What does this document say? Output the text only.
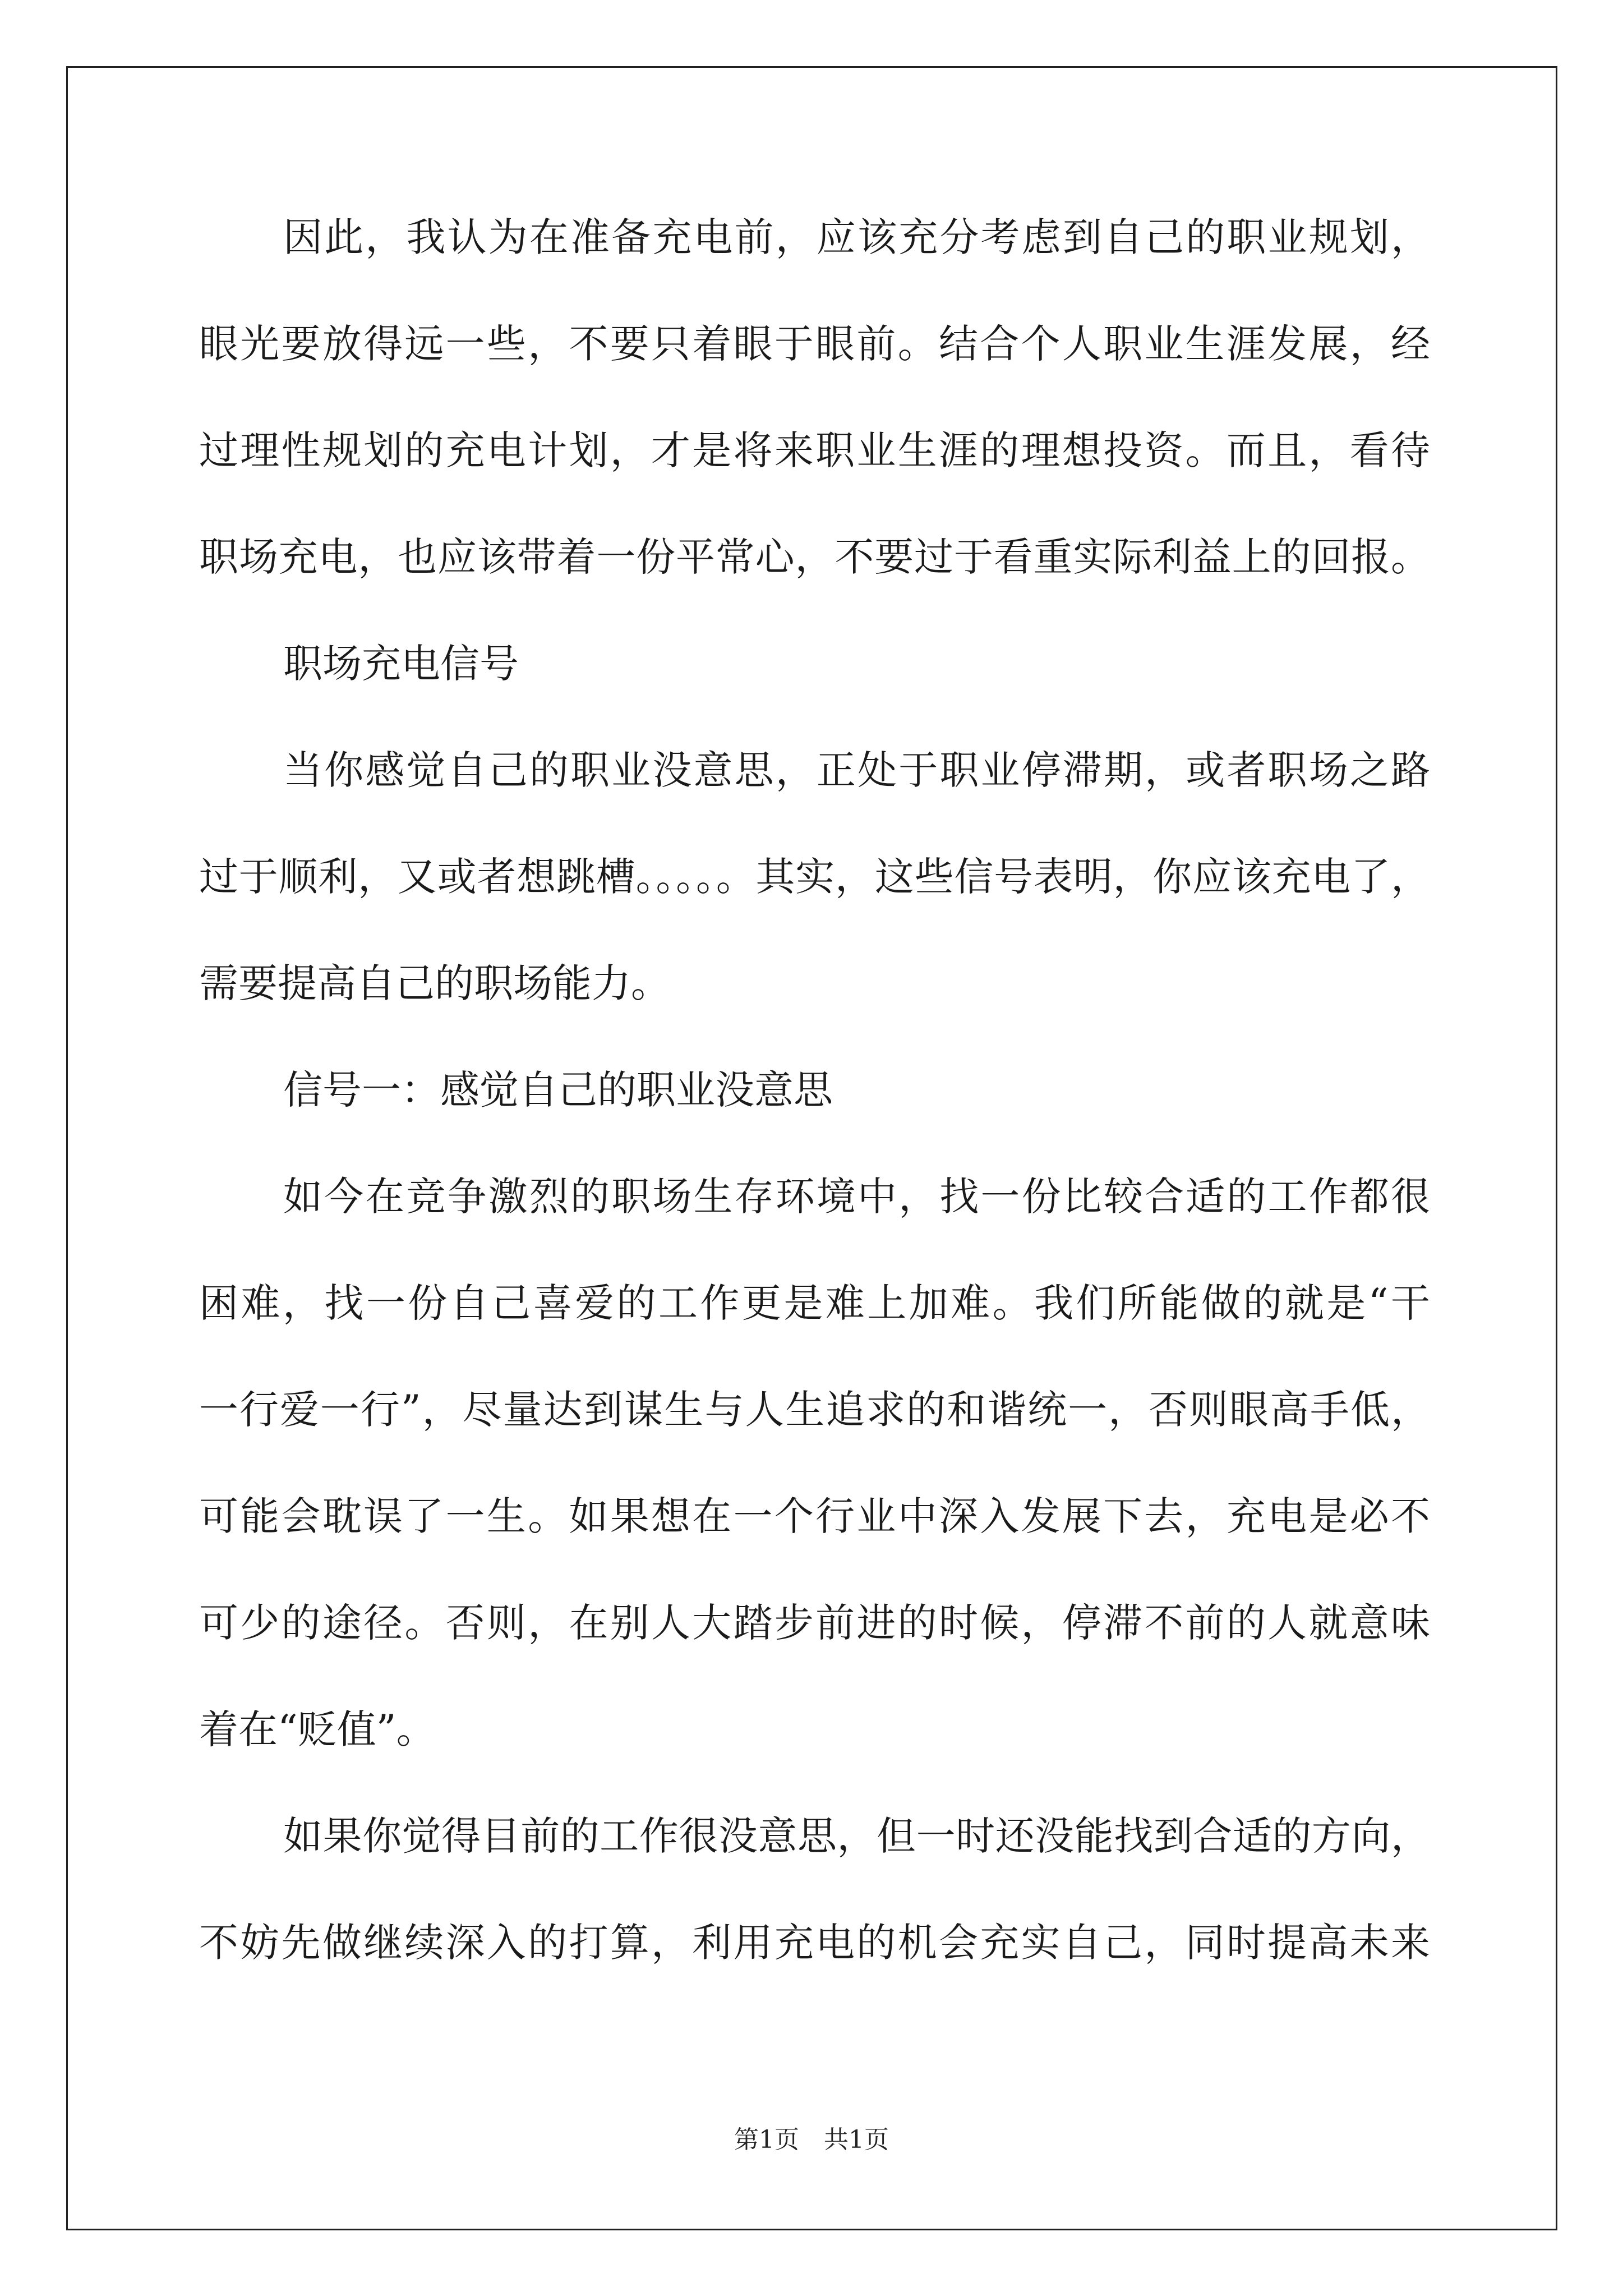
因此，我认为在准备充电前，应该充分考虑到自己的职业规划，
眼光要放得远一些，不要只着眼于眼前。结合个人职业生涯发展，经
过理性规划的充电计划，才是将来职业生涯的理想投资。而且，看待
职场充电，也应该带着一份平常心，不要过于看重实际利益上的回报。
职场充电信号
当你感觉自己的职业没意思，正处于职业停滞期，或者职场之路
过于顺利，又或者想跳槽。。。。。其实，这些信号表明，你应该充电了，
需要提高自己的职场能力。
信号一：感觉自己的职业没意思
如今在竞争激烈的职场生存环境中，找一份比较合适的工作都很
困难，找一份自己喜爱的工作更是难上加难。我们所能做的就是“干
一行爱一行”，尽量达到谋生与人生追求的和谐统一，否则眼高手低，
可能会耽误了一生。如果想在一个行业中深入发展下去，充电是必不
可少的途径。否则，在别人大踏步前进的时候，停滞不前的人就意味
着在“贬值”。
如果你觉得目前的工作很没意思，但一时还没能找到合适的方向，
不妨先做继续深入的打算，利用充电的机会充实自己，同时提高未来
第1页　共1页
